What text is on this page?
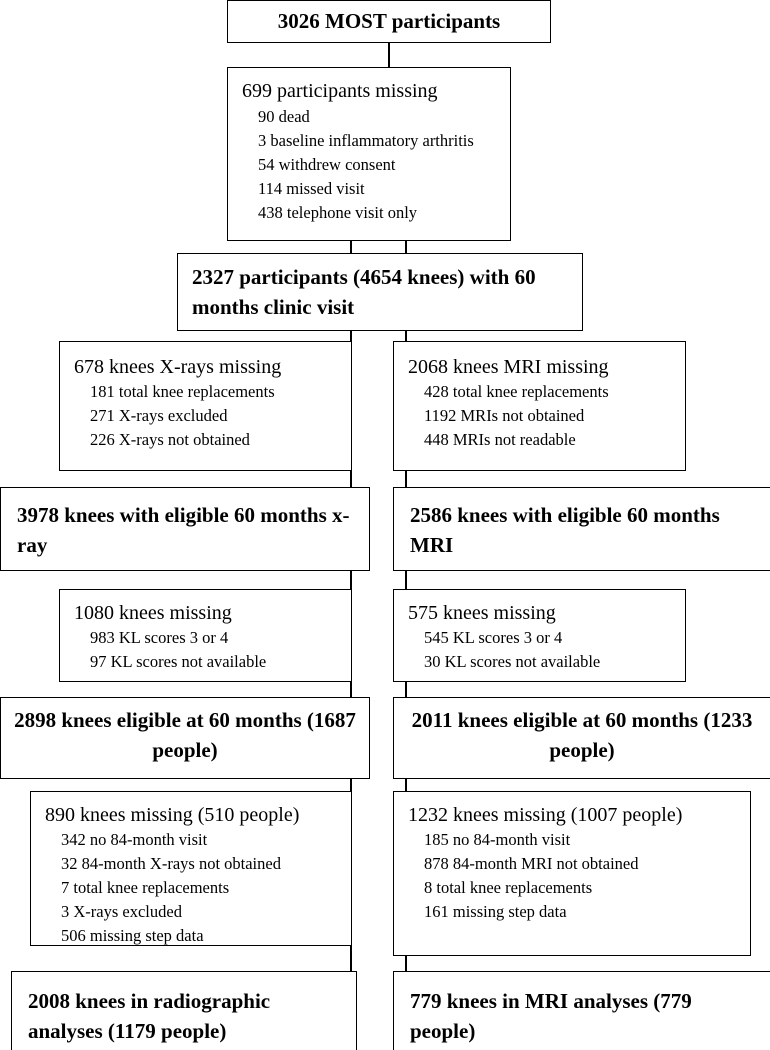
3026 MOST participants
699 participants missing
90 dead
3 baseline inflammatory arthritis
54 withdrew consent
114 missed visit
438 telephone visit only
2327 participants (4654 knees) with 60 months clinic visit
678 knees X-rays missing
181 total knee replacements
271 X-rays excluded
226 X-rays not obtained
3978 knees with eligible 60 months x-ray
1080 knees missing
983 KL scores 3 or 4
97 KL scores not available
2898 knees eligible at 60 months (1687 people)
890 knees missing (510 people)
342 no 84-month visit
32 84-month X-rays not obtained
7 total knee replacements
3 X-rays excluded
506 missing step data
2008 knees in radiographic analyses (1179 people)
2068 knees MRI missing
428 total knee replacements
1192 MRIs not obtained
448 MRIs not readable
2586 knees with eligible 60 months MRI
575 knees missing
545 KL scores 3 or 4
30 KL scores not available
2011 knees eligible at 60 months (1233 people)
1232 knees missing (1007 people)
185 no 84-month visit
878 84-month MRI not obtained
8 total knee replacements
161 missing step data
779 knees in MRI analyses (779 people)
